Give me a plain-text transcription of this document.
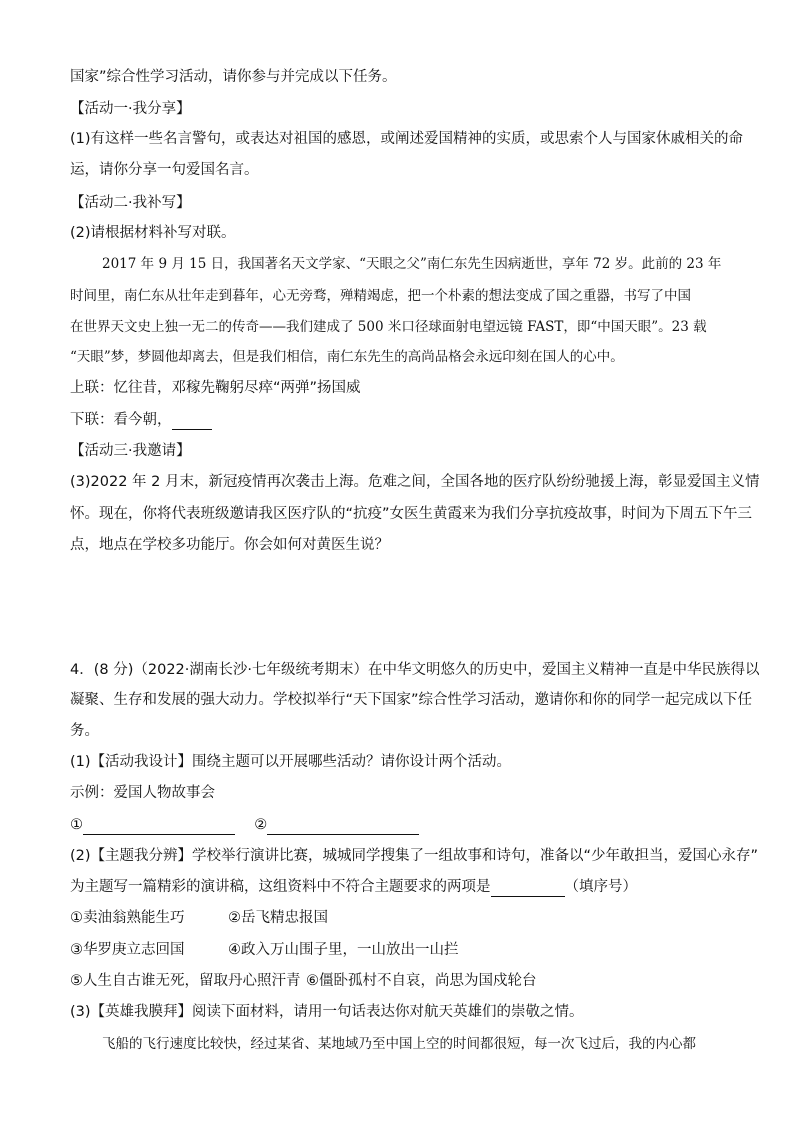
国家”综合性学习活动，请你参与并完成以下任务。
【活动一·我分享】
(1)有这样一些名言警句，或表达对祖国的感恩，或阐述爱国精神的实质，或思索个人与国家休戚相关的命
运，请你分享一句爱国名言。
【活动二·我补写】
(2)请根据材料补写对联。
2017 年 9 月 15 日，我国著名天文学家、“天眼之父”南仁东先生因病逝世，享年 72 岁。此前的 23 年
时间里，南仁东从壮年走到暮年，心无旁骛，殚精竭虑，把一个朴素的想法变成了国之重器，书写了中国
在世界天文史上独一无二的传奇——我们建成了 500 米口径球面射电望远镜 FAST，即“中国天眼”。23 载
“天眼”梦，梦圆他却离去，但是我们相信，南仁东先生的高尚品格会永远印刻在国人的心中。
上联：忆往昔，邓稼先鞠躬尽瘁“两弹”扬国威
下联：看今朝，
【活动三·我邀请】
(3)2022 年 2 月末，新冠疫情再次袭击上海。危难之间，全国各地的医疗队纷纷驰援上海，彰显爱国主义情
怀。现在，你将代表班级邀请我区医疗队的“抗疫”女医生黄霞来为我们分享抗疫故事，时间为下周五下午三
点，地点在学校多功能厅。你会如何对黄医生说？
4．(8 分)（2022·湖南长沙·七年级统考期末）在中华文明悠久的历史中，爱国主义精神一直是中华民族得以
凝聚、生存和发展的强大动力。学校拟举行“天下国家”综合性学习活动，邀请你和你的同学一起完成以下任
务。
(1)【活动我设计】围绕主题可以开展哪些活动？请你设计两个活动。
示例：爱国人物故事会
①	②
(2)【主题我分辨】学校举行演讲比赛，城城同学搜集了一组故事和诗句，准备以“少年敢担当，爱国心永存”
为主题写一篇精彩的演讲稿，这组资料中不符合主题要求的两项是	（填序号）
①卖油翁熟能生巧	②岳飞精忠报国
③华罗庚立志回国	④政入万山围子里，一山放出一山拦
⑤人生自古谁无死，留取丹心照汗青 ⑥僵卧孤村不自哀，尚思为国戍轮台
(3)【英雄我膜拜】阅读下面材料，请用一句话表达你对航天英雄们的崇敬之情。
飞船的飞行速度比较快，经过某省、某地域乃至中国上空的时间都很短，每一次飞过后，我的内心都
